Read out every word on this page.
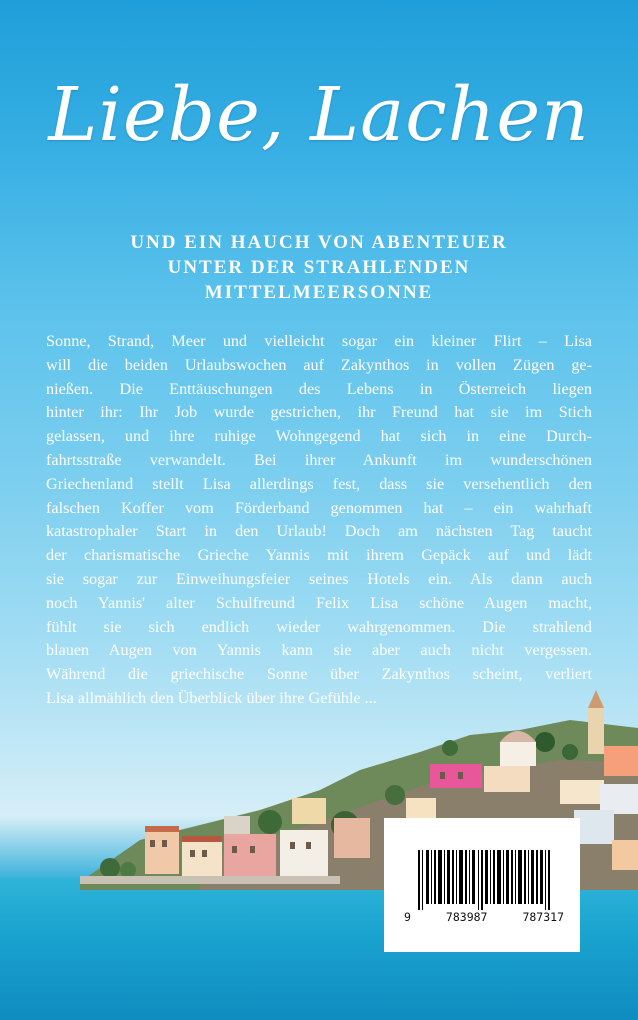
Liebe, Lachen
UND EIN HAUCH VON ABENTEUER
UNTER DER STRAHLENDEN
MITTELMEERSONNE
Sonne, Strand, Meer und vielleicht sogar ein kleiner Flirt – Lisa
will die beiden Urlaubswochen auf Zakynthos in vollen Zügen ge-
nießen. Die Enttäuschungen des Lebens in Österreich liegen
hinter ihr: Ihr Job wurde gestrichen, ihr Freund hat sie im Stich
gelassen, und ihre ruhige Wohngegend hat sich in eine Durch-
fahrtsstraße verwandelt. Bei ihrer Ankunft im wunderschönen
Griechenland stellt Lisa allerdings fest, dass sie versehentlich den
falschen Koffer vom Förderband genommen hat – ein wahrhaft
katastrophaler Start in den Urlaub! Doch am nächsten Tag taucht
der charismatische Grieche Yannis mit ihrem Gepäck auf und lädt
sie sogar zur Einweihungsfeier seines Hotels ein. Als dann auch
noch Yannis' alter Schulfreund Felix Lisa schöne Augen macht,
fühlt sie sich endlich wieder wahrgenommen. Die strahlend
blauen Augen von Yannis kann sie aber auch nicht vergessen.
Während die griechische Sonne über Zakynthos scheint, verliert
Lisa allmählich den Überblick über ihre Gefühle ...
9	783987	787317
